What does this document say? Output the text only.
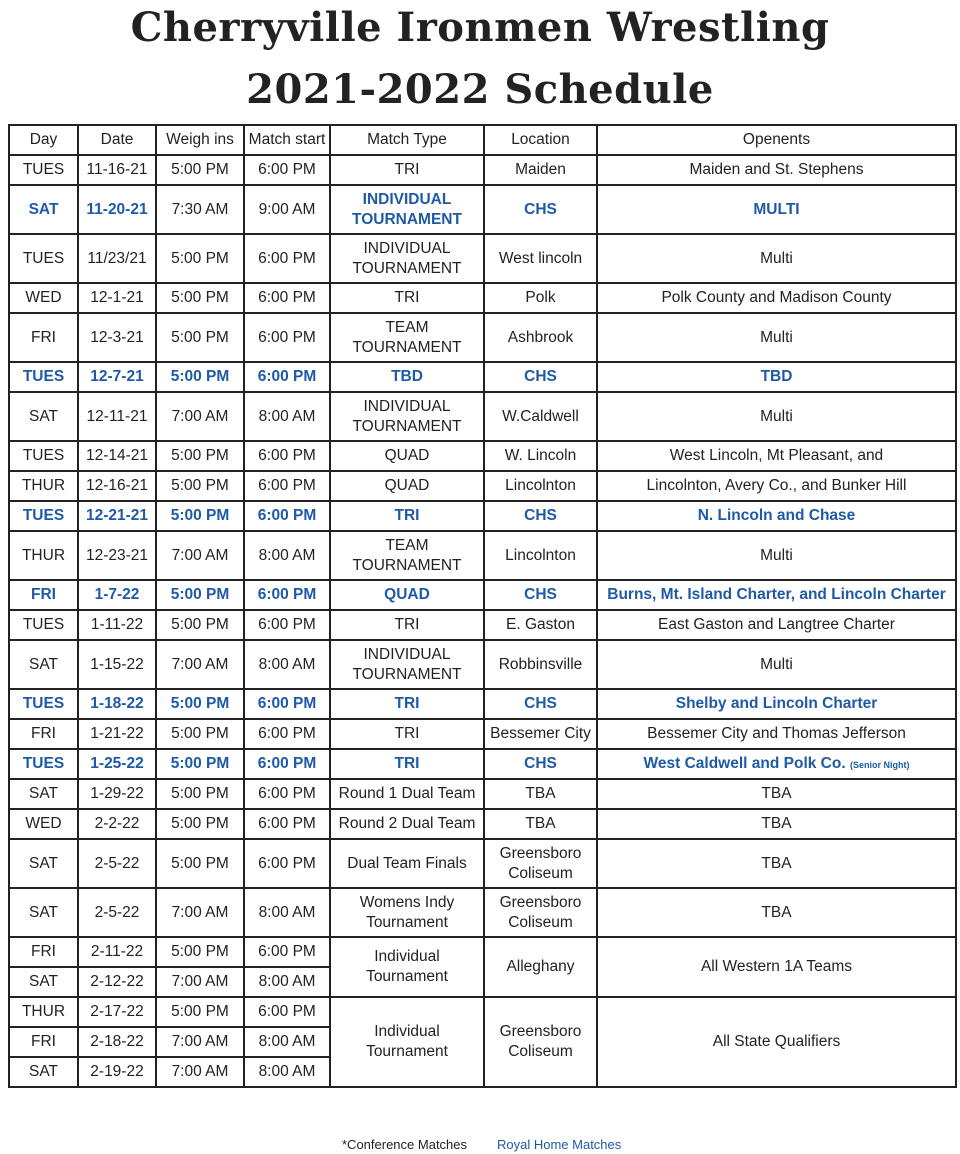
Cherryville Ironmen Wrestling
2021-2022 Schedule
Day	Date	Weigh ins	Match start	Match Type	Location	Openents
TUES	11-16-21	5:00 PM	6:00 PM	TRI	Maiden	Maiden and St. Stephens
SAT	11-20-21	7:30 AM	9:00 AM	INDIVIDUAL
TOURNAMENT	CHS	MULTI
TUES	11/23/21	5:00 PM	6:00 PM	INDIVIDUAL
TOURNAMENT	West lincoln	Multi
WED	12-1-21	5:00 PM	6:00 PM	TRI	Polk	Polk County and Madison County
FRI	12-3-21	5:00 PM	6:00 PM	TEAM
TOURNAMENT	Ashbrook	Multi
TUES	12-7-21	5:00 PM	6:00 PM	TBD	CHS	TBD
SAT	12-11-21	7:00 AM	8:00 AM	INDIVIDUAL
TOURNAMENT	W.Caldwell	Multi
TUES	12-14-21	5:00 PM	6:00 PM	QUAD	W. Lincoln	West Lincoln, Mt Pleasant, and
THUR	12-16-21	5:00 PM	6:00 PM	QUAD	Lincolnton	Lincolnton, Avery Co., and Bunker Hill
TUES	12-21-21	5:00 PM	6:00 PM	TRI	CHS	N. Lincoln and Chase
THUR	12-23-21	7:00 AM	8:00 AM	TEAM
TOURNAMENT	Lincolnton	Multi
FRI	1-7-22	5:00 PM	6:00 PM	QUAD	CHS	Burns, Mt. Island Charter, and Lincoln Charter
TUES	1-11-22	5:00 PM	6:00 PM	TRI	E. Gaston	East Gaston and Langtree Charter
SAT	1-15-22	7:00 AM	8:00 AM	INDIVIDUAL
TOURNAMENT	Robbinsville	Multi
TUES	1-18-22	5:00 PM	6:00 PM	TRI	CHS	Shelby and Lincoln Charter
FRI	1-21-22	5:00 PM	6:00 PM	TRI	Bessemer City	Bessemer City and Thomas Jefferson
TUES	1-25-22	5:00 PM	6:00 PM	TRI	CHS	West Caldwell and Polk Co. (Senior Night)
SAT	1-29-22	5:00 PM	6:00 PM	Round 1 Dual Team	TBA	TBA
WED	2-2-22	5:00 PM	6:00 PM	Round 2 Dual Team	TBA	TBA
SAT	2-5-22	5:00 PM	6:00 PM	Dual Team Finals	Greensboro
Coliseum	TBA
SAT	2-5-22	7:00 AM	8:00 AM	Womens Indy
Tournament	Greensboro
Coliseum	TBA
FRI	2-11-22	5:00 PM	6:00 PM	Individual
Tournament	Alleghany	All Western 1A Teams
SAT	2-12-22	7:00 AM	8:00 AM			
THUR	2-17-22	5:00 PM	6:00 PM	Individual
Tournament	Greensboro
Coliseum	All State Qualifiers
FRI	2-18-22	7:00 AM	8:00 AM			
SAT	2-19-22	7:00 AM	8:00 AM			
*Conference Matches Royal Home Matches
